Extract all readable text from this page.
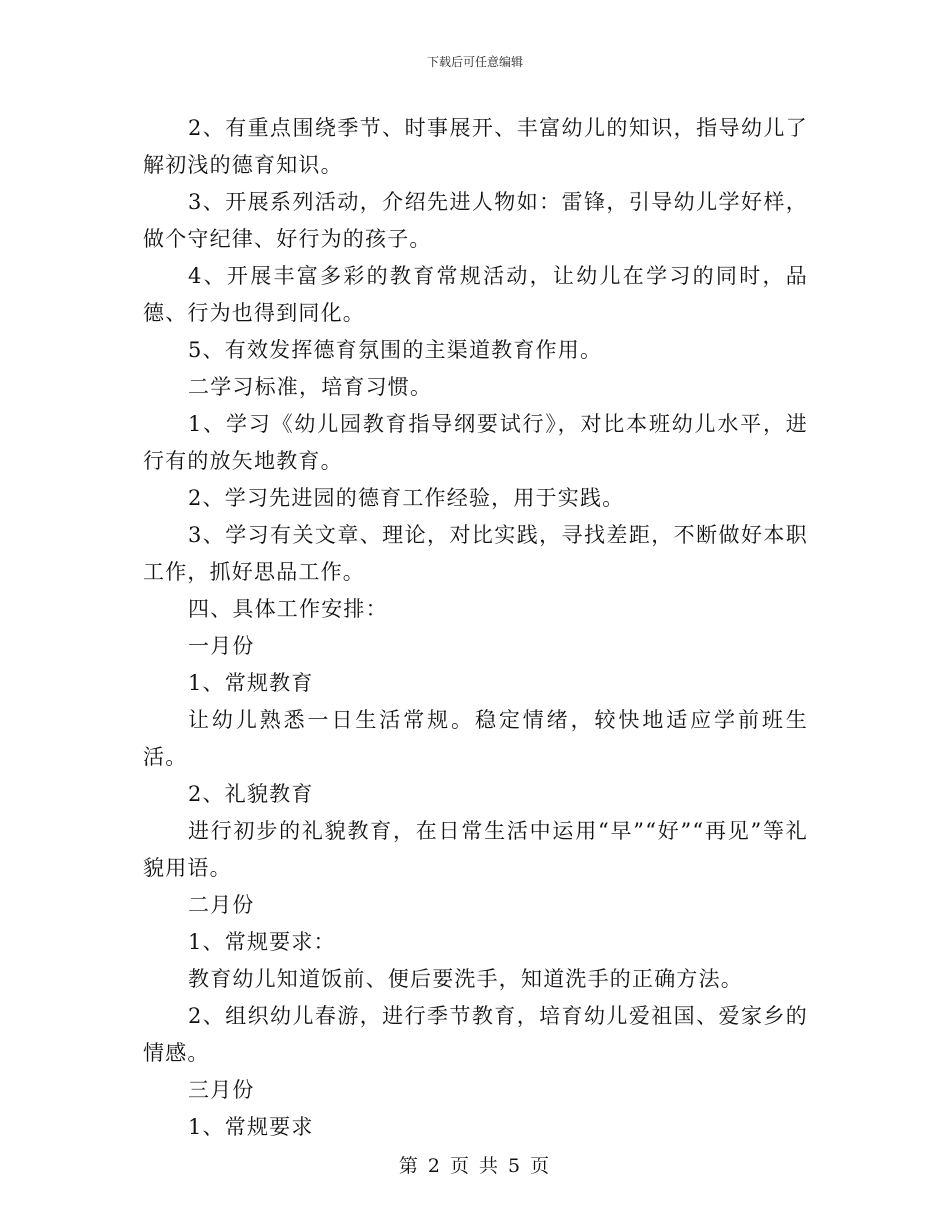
下载后可任意编辑

2、有重点围绕季节、时事展开、丰富幼儿的知识，指导幼儿了解初浅的德育知识。

3、开展系列活动，介绍先进人物如：雷锋，引导幼儿学好样，做个守纪律、好行为的孩子。

4、开展丰富多彩的教育常规活动，让幼儿在学习的同时，品德、行为也得到同化。

5、有效发挥德育氛围的主渠道教育作用。

二学习标准，培育习惯。

1、学习《幼儿园教育指导纲要试行》，对比本班幼儿水平，进行有的放矢地教育。

2、学习先进园的德育工作经验，用于实践。

3、学习有关文章、理论，对比实践，寻找差距，不断做好本职工作，抓好思品工作。

四、具体工作安排：

一月份

1、常规教育

让幼儿熟悉一日生活常规。稳定情绪，较快地适应学前班生活。

2、礼貌教育

进行初步的礼貌教育，在日常生活中运用“早”“好”“再见”等礼貌用语。

二月份

1、常规要求：

教育幼儿知道饭前、便后要洗手，知道洗手的正确方法。

2、组织幼儿春游，进行季节教育，培育幼儿爱祖国、爱家乡的情感。

三月份

1、常规要求

第 2 页 共 5 页
